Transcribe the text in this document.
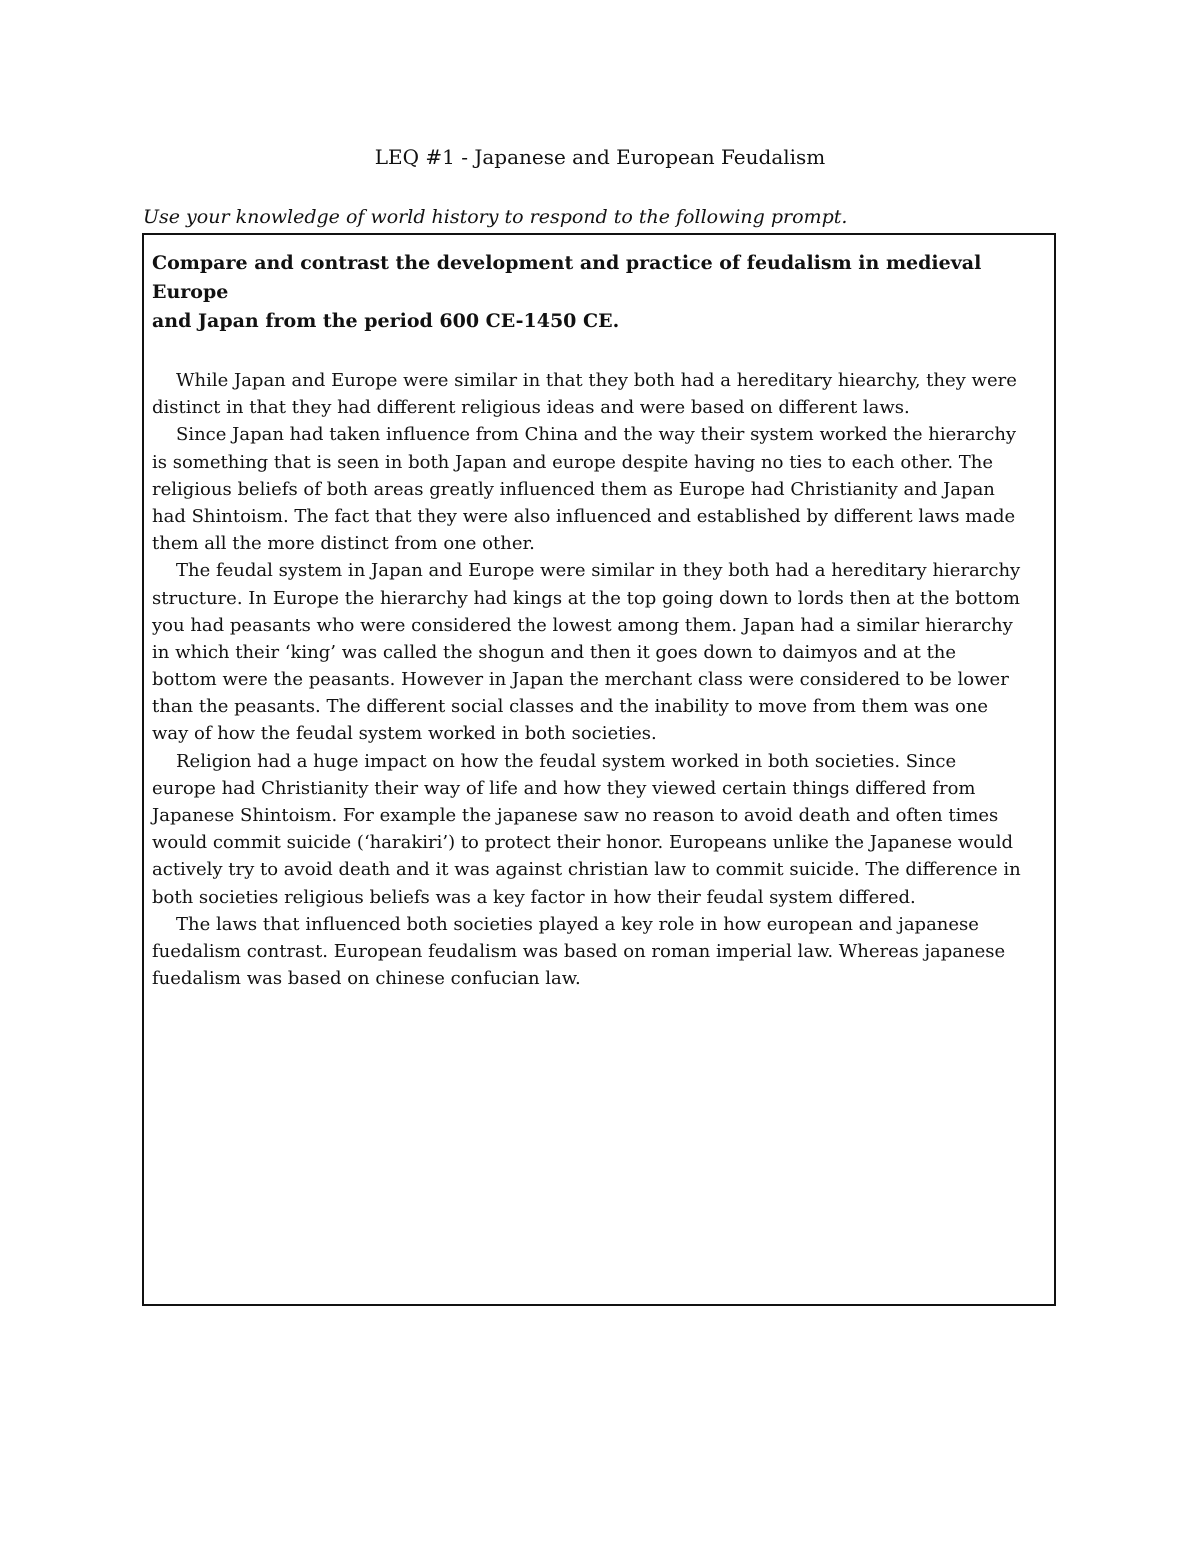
LEQ #1 - Japanese and European Feudalism
Use your knowledge of world history to respond to the following prompt.
Compare and contrast the development and practice of feudalism in medieval Europe
and Japan from the period 600 CE-1450 CE.
While Japan and Europe were similar in that they both had a hereditary hiearchy, they were
distinct in that they had different religious ideas and were based on different laws.
Since Japan had taken influence from China and the way their system worked the hierarchy
is something that is seen in both Japan and europe despite having no ties to each other. The
religious beliefs of both areas greatly influenced them as Europe had Christianity and Japan
had Shintoism. The fact that they were also influenced and established by different laws made
them all the more distinct from one other.
The feudal system in Japan and Europe were similar in they both had a hereditary hierarchy
structure. In Europe the hierarchy had kings at the top going down to lords then at the bottom
you had peasants who were considered the lowest among them. Japan had a similar hierarchy
in which their ‘king’ was called the shogun and then it goes down to daimyos and at the
bottom were the peasants. However in Japan the merchant class were considered to be lower
than the peasants. The different social classes and the inability to move from them was one
way of how the feudal system worked in both societies.
Religion had a huge impact on how the feudal system worked in both societies. Since
europe had Christianity their way of life and how they viewed certain things differed from
Japanese Shintoism. For example the japanese saw no reason to avoid death and often times
would commit suicide (‘harakiri’) to protect their honor. Europeans unlike the Japanese would
actively try to avoid death and it was against christian law to commit suicide. The difference in
both societies religious beliefs was a key factor in how their feudal system differed.
The laws that influenced both societies played a key role in how european and japanese
fuedalism contrast. European feudalism was based on roman imperial law. Whereas japanese
fuedalism was based on chinese confucian law.
